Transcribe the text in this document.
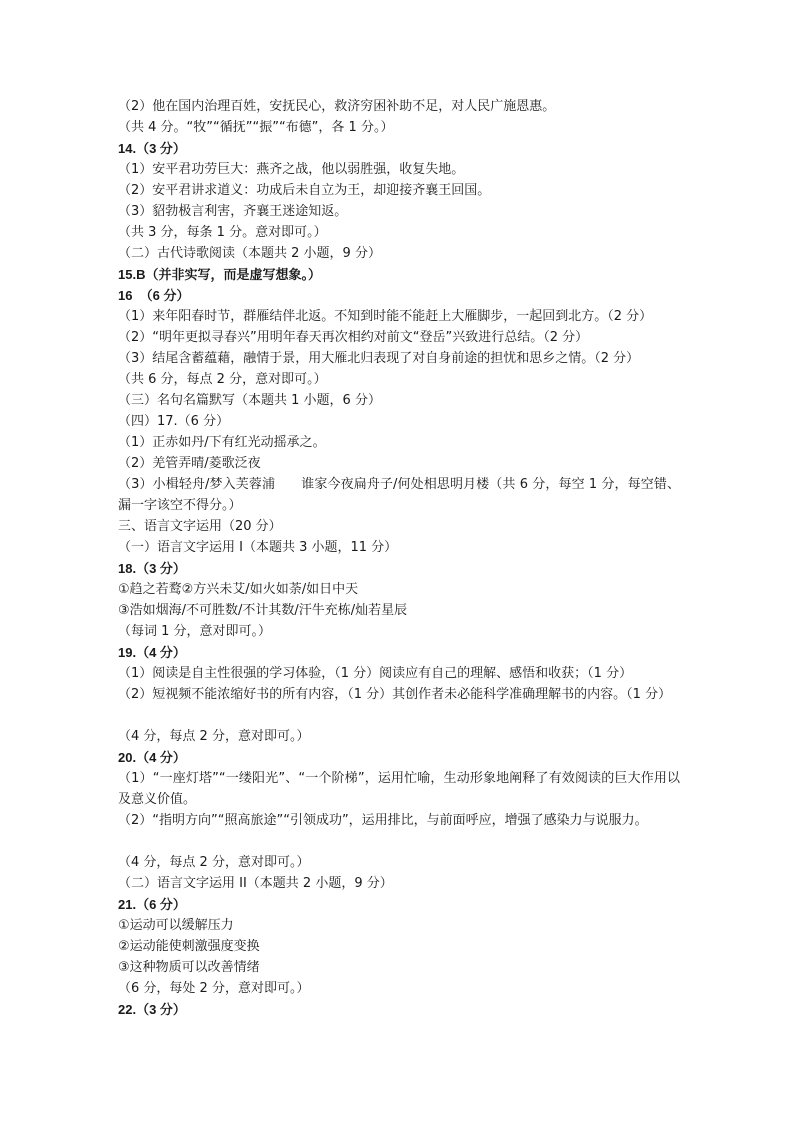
（2）他在国内治理百姓，安抚民心，救济穷困补助不足，对人民广施恩惠。
（共 4 分。“牧”“循抚”“振”“布德”，各 1 分。）
14.（3 分）
（1）安平君功劳巨大：燕齐之战，他以弱胜强，收复失地。
（2）安平君讲求道义：功成后未自立为王，却迎接齐襄王回国。
（3）貂勃极言利害，齐襄王迷途知返。
（共 3 分，每条 1 分。意对即可。）
（二）古代诗歌阅读（本题共 2 小题，9 分）
15.B（并非实写，而是虚写想象。）
16  （6 分）
（1）来年阳春时节，群雁结伴北返。不知到时能不能赶上大雁脚步，一起回到北方。（2 分）
（2）“明年更拟寻春兴”用明年春天再次相约对前文“登岳”兴致进行总结。（2 分）
（3）结尾含蓄蕴藉，融情于景，用大雁北归表现了对自身前途的担忧和思乡之情。（2 分）
（共 6 分，每点 2 分，意对即可。）
（三）名句名篇默写（本题共 1 小题，6 分）
（四）17.（6 分）
（1）正赤如丹/下有红光动摇承之。
（2）羌管弄晴/菱歌泛夜
（3）小楫轻舟/梦入芙蓉浦　　谁家今夜扁舟子/何处相思明月楼（共 6 分，每空 1 分，每空错、漏一字该空不得分。）
三、语言文字运用（20 分）
（一）语言文字运用 I（本题共 3 小题，11 分）
18.（3 分）
①趋之若鹜②方兴未艾/如火如荼/如日中天
③浩如烟海/不可胜数/不计其数/汗牛充栋/灿若星辰
（每词 1 分，意对即可。）
19.（4 分）
（1）阅读是自主性很强的学习体验，（1 分）阅读应有自己的理解、感悟和收获；（1 分）
（2）短视频不能浓缩好书的所有内容，（1 分）其创作者未必能科学准确理解书的内容。（1 分）
（4 分，每点 2 分，意对即可。）
20.（4 分）
（1）“一座灯塔”“一缕阳光”、“一个阶梯”，运用忙喻，生动形象地阐释了有效阅读的巨大作用以及意义价值。
（2）“指明方向”“照高旅途”“引领成功”，运用排比，与前面呼应，增强了感染力与说服力。
（4 分，每点 2 分，意对即可。）
（二）语言文字运用 II（本题共 2 小题，9 分）
21.（6 分）
①运动可以缓解压力
②运动能使刺激强度变换
③这种物质可以改善情绪
（6 分，每处 2 分，意对即可。）
22.（3 分）
